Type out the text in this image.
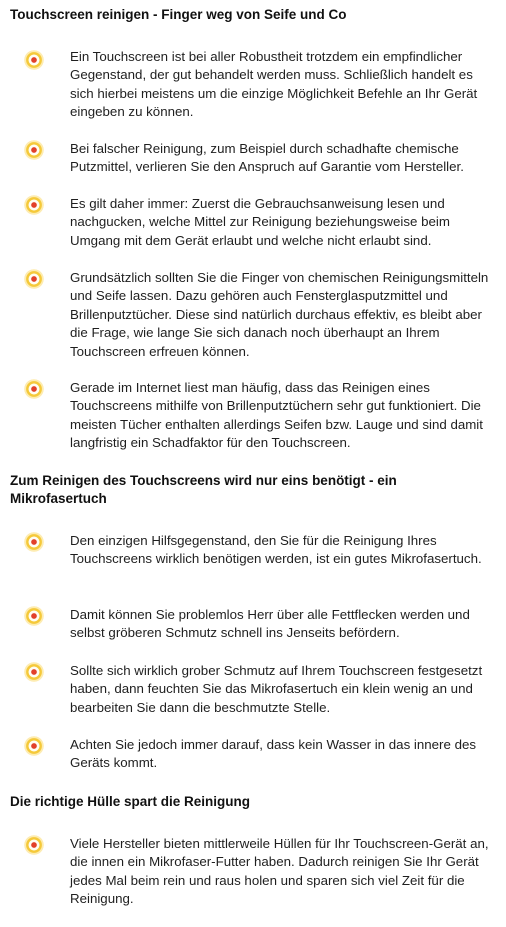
Touchscreen reinigen - Finger weg von Seife und Co
Ein Touchscreen ist bei aller Robustheit trotzdem ein empfindlicher Gegenstand, der gut behandelt werden muss. Schließlich handelt es sich hierbei meistens um die einzige Möglichkeit Befehle an Ihr Gerät eingeben zu können.
Bei falscher Reinigung, zum Beispiel durch schadhafte chemische Putzmittel, verlieren Sie den Anspruch auf Garantie vom Hersteller.
Es gilt daher immer: Zuerst die Gebrauchsanweisung lesen und nachgucken, welche Mittel zur Reinigung beziehungsweise beim Umgang mit dem Gerät erlaubt und welche nicht erlaubt sind.
Grundsätzlich sollten Sie die Finger von chemischen Reinigungsmitteln und Seife lassen. Dazu gehören auch Fensterglasputzmittel und Brillenputztücher. Diese sind natürlich durchaus effektiv, es bleibt aber die Frage, wie lange Sie sich danach noch überhaupt an Ihrem Touchscreen erfreuen können.
Gerade im Internet liest man häufig, dass das Reinigen eines Touchscreens mithilfe von Brillenputztüchern sehr gut funktioniert. Die meisten Tücher enthalten allerdings Seifen bzw. Lauge und sind damit langfristig ein Schadfaktor für den Touchscreen.
Zum Reinigen des Touchscreens wird nur eins benötigt - ein Mikrofasertuch
Den einzigen Hilfsgegenstand, den Sie für die Reinigung Ihres Touchscreens wirklich benötigen werden, ist ein gutes Mikrofasertuch.
Damit können Sie problemlos Herr über alle Fettflecken werden und selbst gröberen Schmutz schnell ins Jenseits befördern.
Sollte sich wirklich grober Schmutz auf Ihrem Touchscreen festgesetzt haben, dann feuchten Sie das Mikrofasertuch ein klein wenig an und bearbeiten Sie dann die beschmutzte Stelle.
Achten Sie jedoch immer darauf, dass kein Wasser in das innere des Geräts kommt.
Die richtige Hülle spart die Reinigung
Viele Hersteller bieten mittlerweile Hüllen für Ihr Touchscreen-Gerät an, die innen ein Mikrofaser-Futter haben. Dadurch reinigen Sie Ihr Gerät jedes Mal beim rein und raus holen und sparen sich viel Zeit für die Reinigung.
